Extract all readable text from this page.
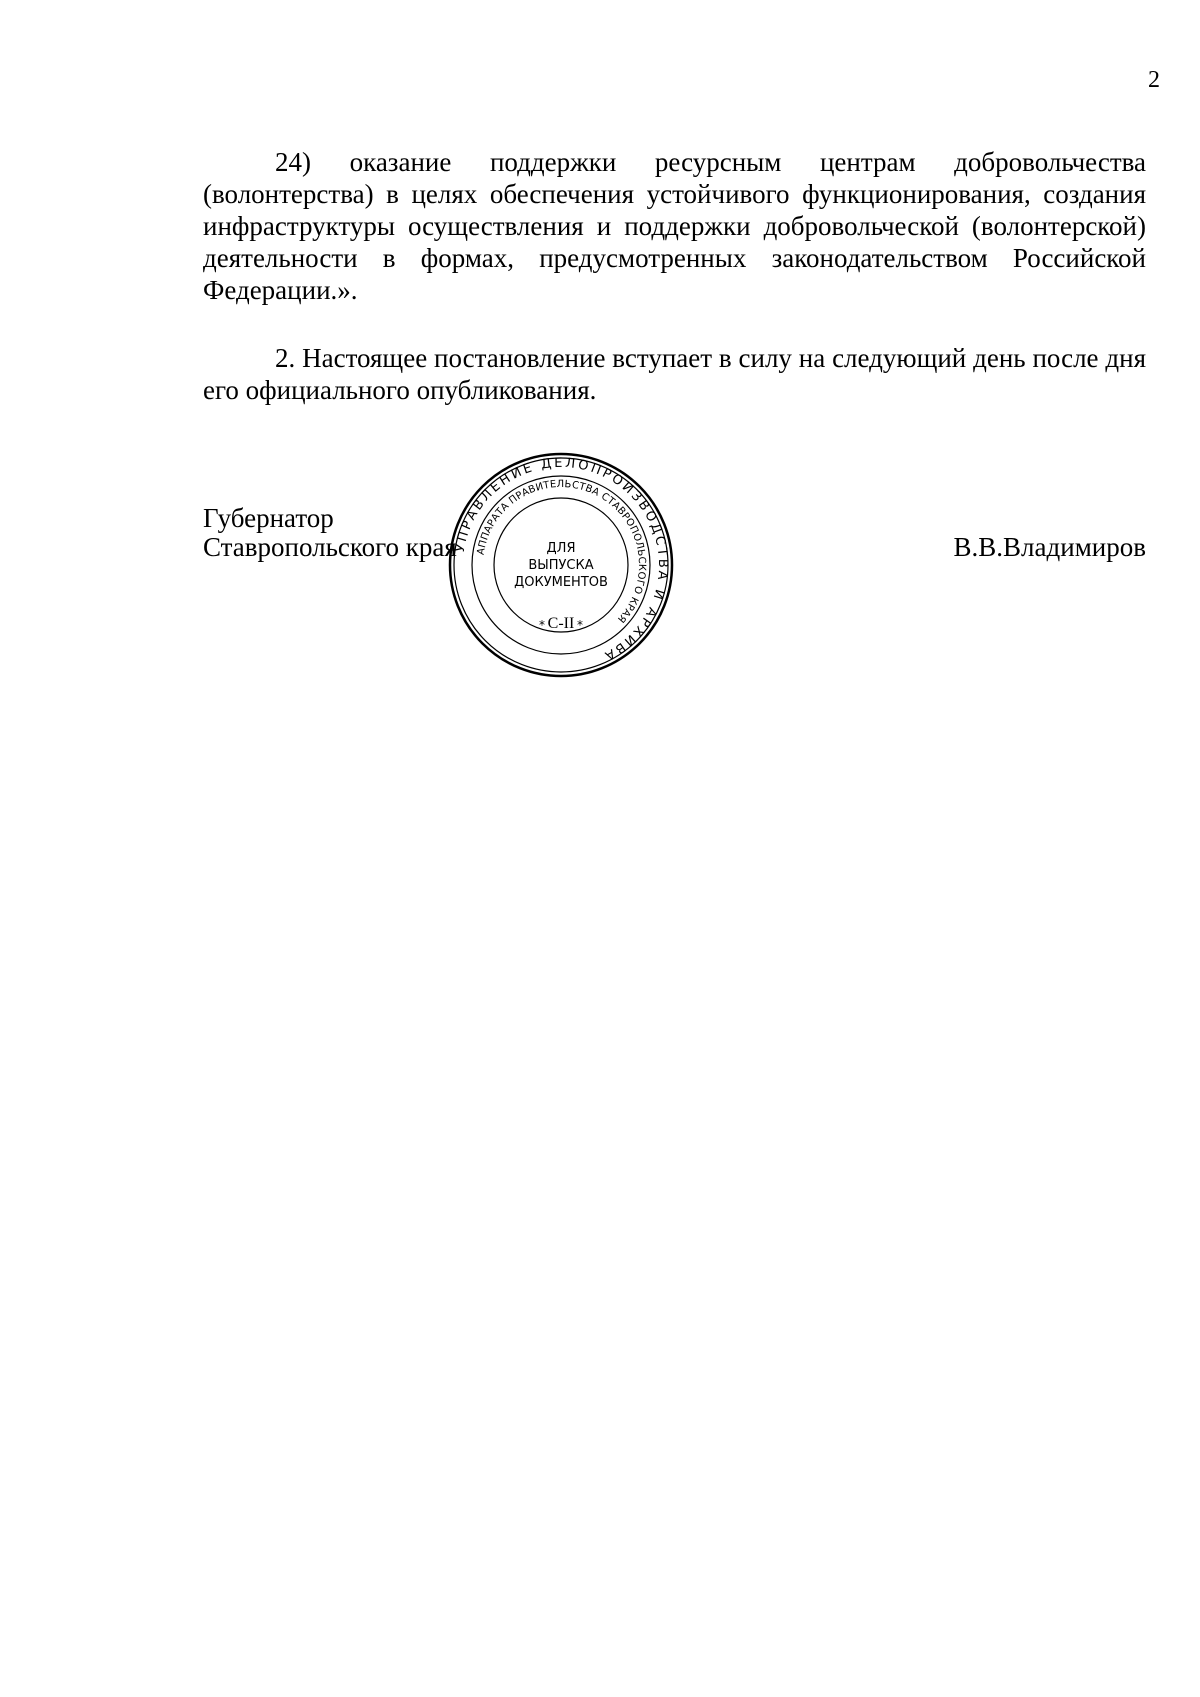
2

24) оказание поддержки ресурсным центрам добровольчества (волонтерства) в целях обеспечения устойчивого функционирования, создания инфраструктуры осуществления и поддержки добровольческой (волонтерской) деятельности в формах, предусмотренных законодательством Российской Федерации.».

2. Настоящее постановление вступает в силу на следующий день после дня его официального опубликования.

Губернатор
Ставропольского края	В.В.Владимиров
УПРАВЛЕНИЕ ДЕЛОПРОИЗВОДСТВА И АРХИВА
АППАРАТА ПРАВИТЕЛЬСТВА СТАВРОПОЛЬСКОГО КРАЯ
ДЛЯ
ВЫПУСКА
ДОКУМЕНТОВ
С-II
*	*
